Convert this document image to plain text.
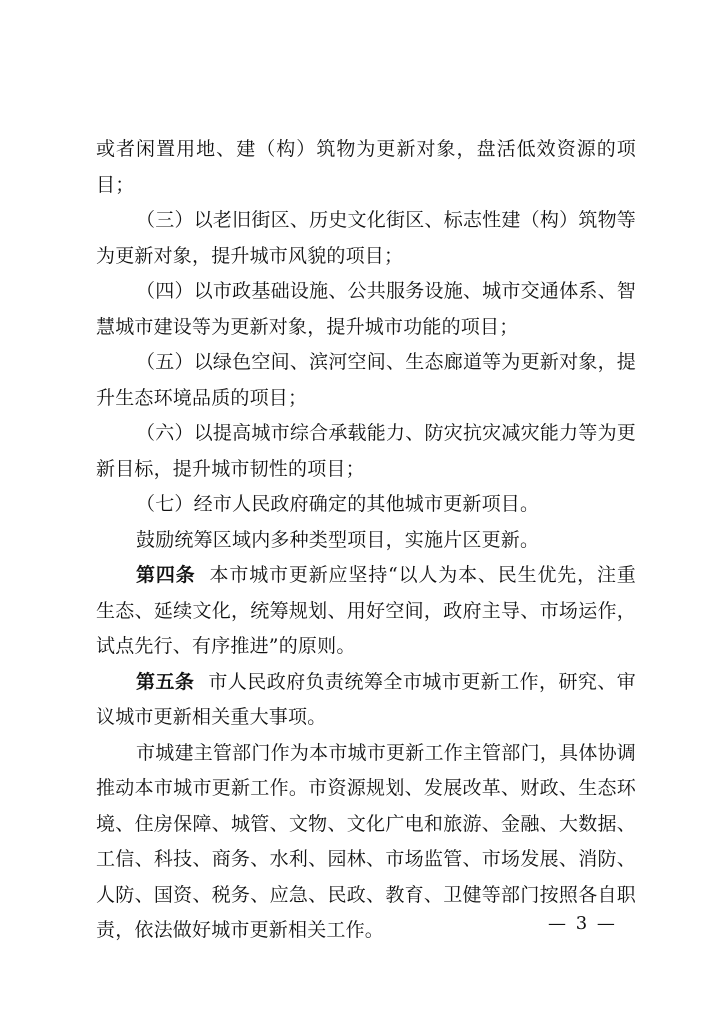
或者闲置用地、建（构）筑物为更新对象，盘活低效资源的项目；

（三）以老旧街区、历史文化街区、标志性建（构）筑物等为更新对象，提升城市风貌的项目；

（四）以市政基础设施、公共服务设施、城市交通体系、智慧城市建设等为更新对象，提升城市功能的项目；

（五）以绿色空间、滨河空间、生态廊道等为更新对象，提升生态环境品质的项目；

（六）以提高城市综合承载能力、防灾抗灾减灾能力等为更新目标，提升城市韧性的项目；

（七）经市人民政府确定的其他城市更新项目。

鼓励统筹区域内多种类型项目，实施片区更新。

第四条 本市城市更新应坚持“以人为本、民生优先，注重生态、延续文化，统筹规划、用好空间，政府主导、市场运作，试点先行、有序推进”的原则。

第五条 市人民政府负责统筹全市城市更新工作，研究、审议城市更新相关重大事项。

市城建主管部门作为本市城市更新工作主管部门，具体协调推动本市城市更新工作。市资源规划、发展改革、财政、生态环境、住房保障、城管、文物、文化广电和旅游、金融、大数据、工信、科技、商务、水利、园林、市场监管、市场发展、消防、人防、国资、税务、应急、民政、教育、卫健等部门按照各自职责，依法做好城市更新相关工作。	— 3 —
